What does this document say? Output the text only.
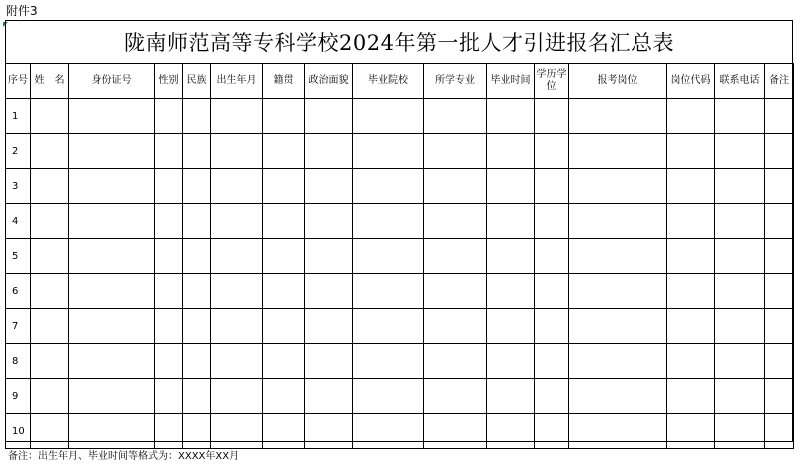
附件3
陇南师范高等专科学校2024年第一批人才引进报名汇总表
序号	姓　名	身份证号	性别	民族	出生年月	籍贯	政治面貌	毕业院校	所学专业	毕业时间	学历学位	报考岗位	岗位代码	联系电话	备注
1															
2															
3															
4															
5															
6															
7															
8															
9															
10															
备注：出生年月、毕业时间等格式为：XXXX年XX月
